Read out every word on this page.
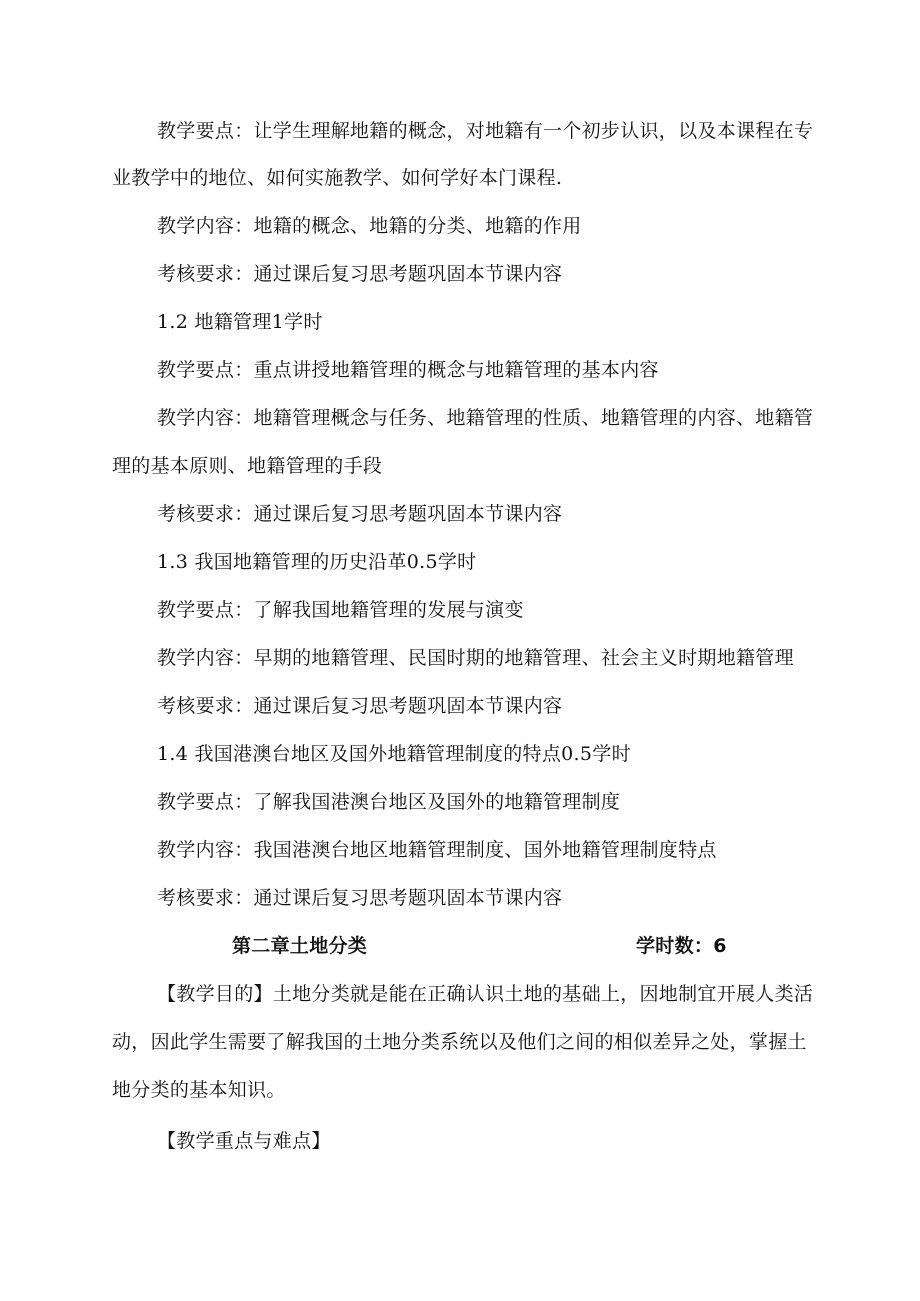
教学要点：让学生理解地籍的概念，对地籍有一个初步认识，以及本课程在专
业教学中的地位、如何实施教学、如何学好本门课程.
教学内容：地籍的概念、地籍的分类、地籍的作用
考核要求：通过课后复习思考题巩固本节课内容
1.2 地籍管理1学时
教学要点：重点讲授地籍管理的概念与地籍管理的基本内容
教学内容：地籍管理概念与任务、地籍管理的性质、地籍管理的内容、地籍管
理的基本原则、地籍管理的手段
考核要求：通过课后复习思考题巩固本节课内容
1.3 我国地籍管理的历史沿革0.5学时
教学要点：了解我国地籍管理的发展与演变
教学内容：早期的地籍管理、民国时期的地籍管理、社会主义时期地籍管理
考核要求：通过课后复习思考题巩固本节课内容
1.4 我国港澳台地区及国外地籍管理制度的特点0.5学时
教学要点：了解我国港澳台地区及国外的地籍管理制度
教学内容：我国港澳台地区地籍管理制度、国外地籍管理制度特点
考核要求：通过课后复习思考题巩固本节课内容
第二章土地分类	学时数：6
【教学目的】土地分类就是能在正确认识土地的基础上，因地制宜开展人类活
动，因此学生需要了解我国的土地分类系统以及他们之间的相似差异之处，掌握土
地分类的基本知识。
【教学重点与难点】
